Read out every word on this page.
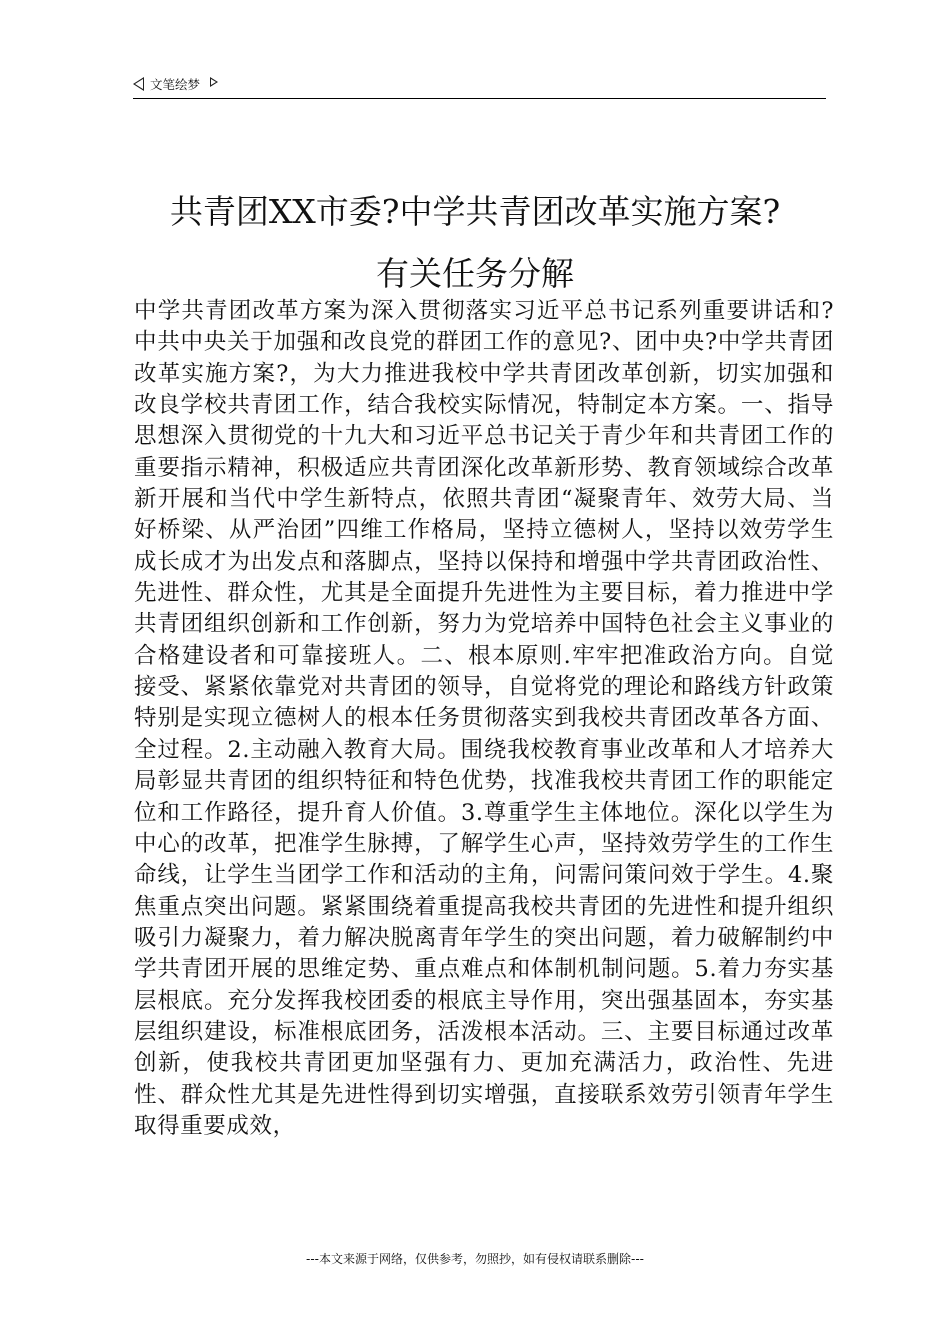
文笔绘梦
共青团XX市委?中学共青团改革实施方案?
有关任务分解
中学共青团改革方案为深入贯彻落实习近平总书记系列重要讲话和?中共中央关于加强和改良党的群团工作的意见?、团中央?中学共青团改革实施方案?，为大力推进我校中学共青团改革创新，切实加强和改良学校共青团工作，结合我校实际情况，特制定本方案。一、指导思想深入贯彻党的十九大和习近平总书记关于青少年和共青团工作的重要指示精神，积极适应共青团深化改革新形势、教育领域综合改革新开展和当代中学生新特点，依照共青团“凝聚青年、效劳大局、当好桥梁、从严治团”四维工作格局，坚持立德树人，坚持以效劳学生成长成才为出发点和落脚点，坚持以保持和增强中学共青团政治性、先进性、群众性，尤其是全面提升先进性为主要目标，着力推进中学共青团组织创新和工作创新，努力为党培养中国特色社会主义事业的合格建设者和可靠接班人。二、根本原则.牢牢把准政治方向。自觉接受、紧紧依靠党对共青团的领导，自觉将党的理论和路线方针政策特别是实现立德树人的根本任务贯彻落实到我校共青团改革各方面、全过程。2.主动融入教育大局。围绕我校教育事业改革和人才培养大局彰显共青团的组织特征和特色优势，找准我校共青团工作的职能定位和工作路径，提升育人价值。3.尊重学生主体地位。深化以学生为中心的改革，把准学生脉搏，了解学生心声，坚持效劳学生的工作生命线，让学生当团学工作和活动的主角，问需问策问效于学生。4.聚焦重点突出问题。紧紧围绕着重提高我校共青团的先进性和提升组织吸引力凝聚力，着力解决脱离青年学生的突出问题，着力破解制约中学共青团开展的思维定势、重点难点和体制机制问题。5.着力夯实基层根底。充分发挥我校团委的根底主导作用，突出强基固本，夯实基层组织建设，标准根底团务，活泼根本活动。三、主要目标通过改革创新，使我校共青团更加坚强有力、更加充满活力，政治性、先进性、群众性尤其是先进性得到切实增强，直接联系效劳引领青年学生取得重要成效，
---本文来源于网络，仅供参考，勿照抄，如有侵权请联系删除---
